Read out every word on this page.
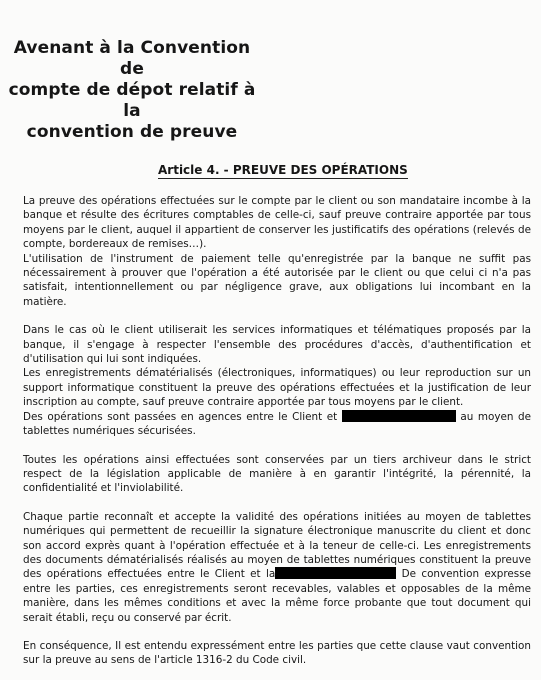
Avenant à la Convention de
compte de dépot relatif à la
convention de preuve
Article 4. - PREUVE DES OPÉRATIONS

La preuve des opérations effectuées sur le compte par le client ou son mandataire incombe à la banque et résulte des écritures comptables de celle-ci, sauf preuve contraire apportée par tous moyens par le client, auquel il appartient de conserver les justificatifs des opérations (relevés de compte, bordereaux de remises…).

L'utilisation de l'instrument de paiement telle qu'enregistrée par la banque ne suffit pas nécessairement à prouver que l'opération a été autorisée par le client ou que celui ci n'a pas satisfait, intentionnellement ou par négligence grave, aux obligations lui incombant en la matière.

Dans le cas où le client utiliserait les services informatiques et télématiques proposés par la banque, il s'engage à respecter l'ensemble des procédures d'accès, d'authentification et d'utilisation qui lui sont indiquées.

Les enregistrements dématérialisés (électroniques, informatiques) ou leur reproduction sur un support informatique constituent la preuve des opérations effectuées et la justification de leur inscription au compte, sauf preuve contraire apportée par tous moyens par le client.

Des opérations sont passées en agences entre le Client et	au moyen de tablettes numériques sécurisées.

Toutes les opérations ainsi effectuées sont conservées par un tiers archiveur dans le strict respect de la législation applicable de manière à en garantir l'intégrité, la pérennité, la confidentialité et l'inviolabilité.

Chaque partie reconnaît et accepte la validité des opérations initiées au moyen de tablettes numériques qui permettent de recueillir la signature électronique manuscrite du client et donc son accord exprès quant à l'opération effectuée et à la teneur de celle-ci. Les enregistrements des documents dématérialisés réalisés au moyen de tablettes numériques constituent la preuve des opérations effectuées entre le Client et la	De convention expresse entre les parties, ces enregistrements seront recevables, valables et opposables de la même manière, dans les mêmes conditions et avec la même force probante que tout document qui serait établi, reçu ou conservé par écrit.

En conséquence, Il est entendu expressément entre les parties que cette clause vaut convention sur la preuve au sens de l'article 1316-2 du Code civil.
